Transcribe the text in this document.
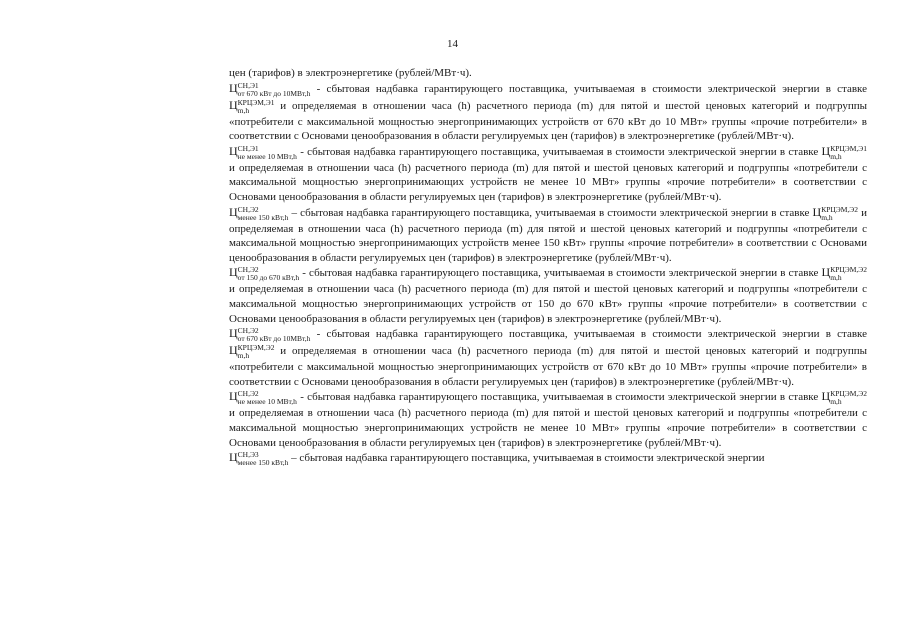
14

цен (тарифов) в электроэнергетике (рублей/МВт·ч).

Ц СН,Э1
от 670 кВт до 10МВт,h - сбытовая надбавка гарантирующего поставщика, учитываемая в стоимости электрической энергии в ставке Ц КРЦЭМ,Э1
m,h	и определяемая в отношении часа (h) расчетного периода (m) для пятой и шестой ценовых категорий и подгруппы «потребители с максимальной мощностью энергопринимающих устройств от 670 кВт до 10 МВт» группы «прочие потребители» в соответствии с Основами ценообразования в области регулируемых цен (тарифов) в электроэнергетике (рублей/МВт·ч).

Ц СН,Э1
не менее 10 МВт,h - сбытовая надбавка гарантирующего поставщика, учитываемая в стоимости электрической энергии в ставке Ц КРЦЭМ,Э1
m,h
и определяемая в отношении часа (h) расчетного периода (m) для пятой и шестой ценовых категорий и подгруппы «потребители с максимальной мощностью энергопринимающих устройств не менее 10 МВт» группы «прочие потребители» в соответствии с Основами ценообразования в области регулируемых цен (тарифов) в электроэнергетике (рублей/МВт·ч).

Ц СН,Э2
менее 150 кВт,h – сбытовая надбавка гарантирующего поставщика, учитываемая в стоимости электрической энергии в ставке Ц КРЦЭМ,Э2
m,h	и определяемая в отношении часа (h) расчетного периода (m) для пятой и шестой ценовых категорий и подгруппы «потребители с максимальной мощностью энергопринимающих устройств менее 150 кВт» группы «прочие потребители» в соответствии с Основами ценообразования в области регулируемых цен (тарифов) в электроэнергетике (рублей/МВт·ч).

Ц СН,Э2
от 150 до 670 кВт,h - сбытовая надбавка гарантирующего поставщика, учитываемая в стоимости электрической энергии в ставке Ц КРЦЭМ,Э2
m,h
и определяемая в отношении часа (h) расчетного периода (m) для пятой и шестой ценовых категорий и подгруппы «потребители с максимальной мощностью энергопринимающих устройств от 150 до 670 кВт» группы «прочие потребители» в соответствии с Основами ценообразования в области регулируемых цен (тарифов) в электроэнергетике (рублей/МВт·ч).

Ц СН,Э2
от 670 кВт до 10МВт,h - сбытовая надбавка гарантирующего поставщика, учитываемая в стоимости электрической энергии в ставке Ц КРЦЭМ,Э2
m,h	и определяемая в отношении часа (h) расчетного периода (m) для пятой и шестой ценовых категорий и подгруппы «потребители с максимальной мощностью энергопринимающих устройств от 670 кВт до 10 МВт» группы «прочие потребители» в соответствии с Основами ценообразования в области регулируемых цен (тарифов) в электроэнергетике (рублей/МВт·ч).

Ц СН,Э2
не менее 10 МВт,h - сбытовая надбавка гарантирующего поставщика, учитываемая в стоимости электрической энергии в ставке Ц КРЦЭМ,Э2
m,h
и определяемая в отношении часа (h) расчетного периода (m) для пятой и шестой ценовых категорий и подгруппы «потребители с максимальной мощностью энергопринимающих устройств не менее 10 МВт» группы «прочие потребители» в соответствии с Основами ценообразования в области регулируемых цен (тарифов) в электроэнергетике (рублей/МВт·ч).

Ц СН,Э3
менее 150 кВт,h – сбытовая надбавка гарантирующего поставщика, учитываемая в стоимости электрической энергии
